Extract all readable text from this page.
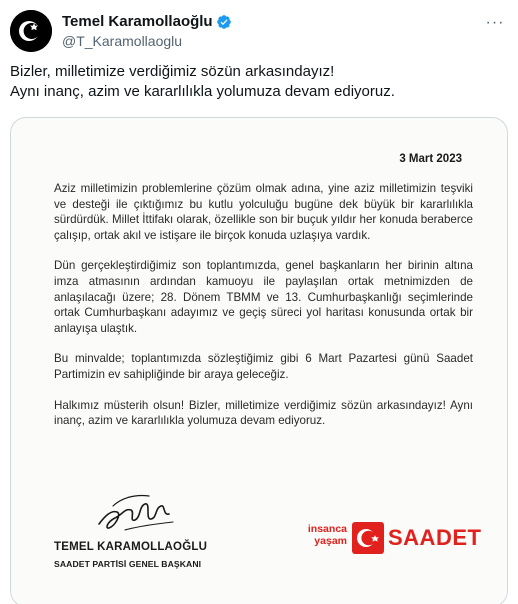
Temel Karamollaoğlu
@T_Karamollaoglu
···

Bizler, milletimize verdiğimiz sözün arkasındayız!

Aynı inanç, azim ve kararlılıkla yolumuza devam ediyoruz.

3 Mart 2023

Aziz milletimizin problemlerine çözüm olmak adına, yine aziz milletimizin teşviki ve desteği ile çıktığımız bu kutlu yolculuğu bugüne dek büyük bir kararlılıkla sürdürdük. Millet İttifakı olarak, özellikle son bir buçuk yıldır her konuda beraberce çalışıp, ortak akıl ve istişare ile birçok konuda uzlaşıya vardık.

Dün gerçekleştirdiğimiz son toplantımızda, genel başkanların her birinin altına imza atmasının ardından kamuoyu ile paylaşılan ortak metnimizden de anlaşılacağı üzere; 28. Dönem TBMM ve 13. Cumhurbaşkanlığı seçimlerinde ortak Cumhurbaşkanı adayımız ve geçiş süreci yol haritası konusunda ortak bir anlayışa ulaştık.

Bu minvalde; toplantımızda sözleştiğimiz gibi 6 Mart Pazartesi günü Saadet Partimizin ev sahipliğinde bir araya geleceğiz.

Halkımız müsterih olsun! Bizler, milletimize verdiğimiz sözün arkasındayız! Aynı inanç, azim ve kararlılıkla yolumuza devam ediyoruz.

TEMEL KARAMOLLAOĞLU
SAADET PARTİSİ GENEL BAŞKANI
insanca
yaşam SAADET
